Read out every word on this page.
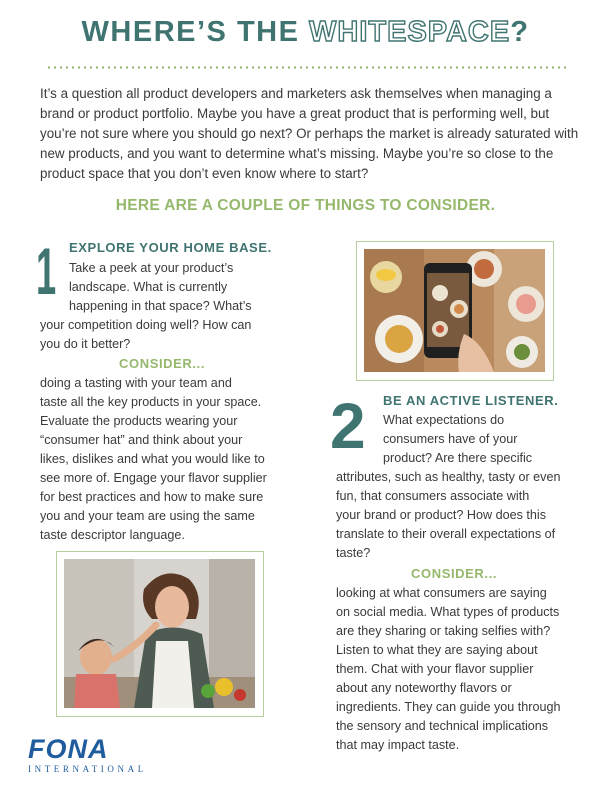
WHERE’S THE WHITESPACE?
It’s a question all product developers and marketers ask themselves when managing a brand or product portfolio. Maybe you have a great product that is performing well, but you’re not sure where you should go next? Or perhaps the market is already saturated with new products, and you want to determine what’s missing. Maybe you’re so close to the product space that you don’t even know where to start?
HERE ARE A COUPLE OF THINGS TO CONSIDER.
1 EXPLORE YOUR HOME BASE.
Take a peek at your product’s
landscape. What is currently
happening in that space? What’s
your competition doing well? How can
you do it better?
CONSIDER...
doing a tasting with your team and
taste all the key products in your space.
Evaluate the products wearing your
“consumer hat” and think about your
likes, dislikes and what you would like to
see more of. Engage your flavor supplier
for best practices and how to make sure
you and your team are using the same
taste descriptor language.
2 BE AN ACTIVE LISTENER.
What expectations do
consumers have of your
product? Are there specific
attributes, such as healthy, tasty or even
fun, that consumers associate with
your brand or product? How does this
translate to their overall expectations of
taste?
CONSIDER...
looking at what consumers are saying
on social media. What types of products
are they sharing or taking selfies with?
Listen to what they are saying about
them. Chat with your flavor supplier
about any noteworthy flavors or
ingredients. They can guide you through
the sensory and technical implications
that may impact taste.
FONA
INTERNATIONAL
